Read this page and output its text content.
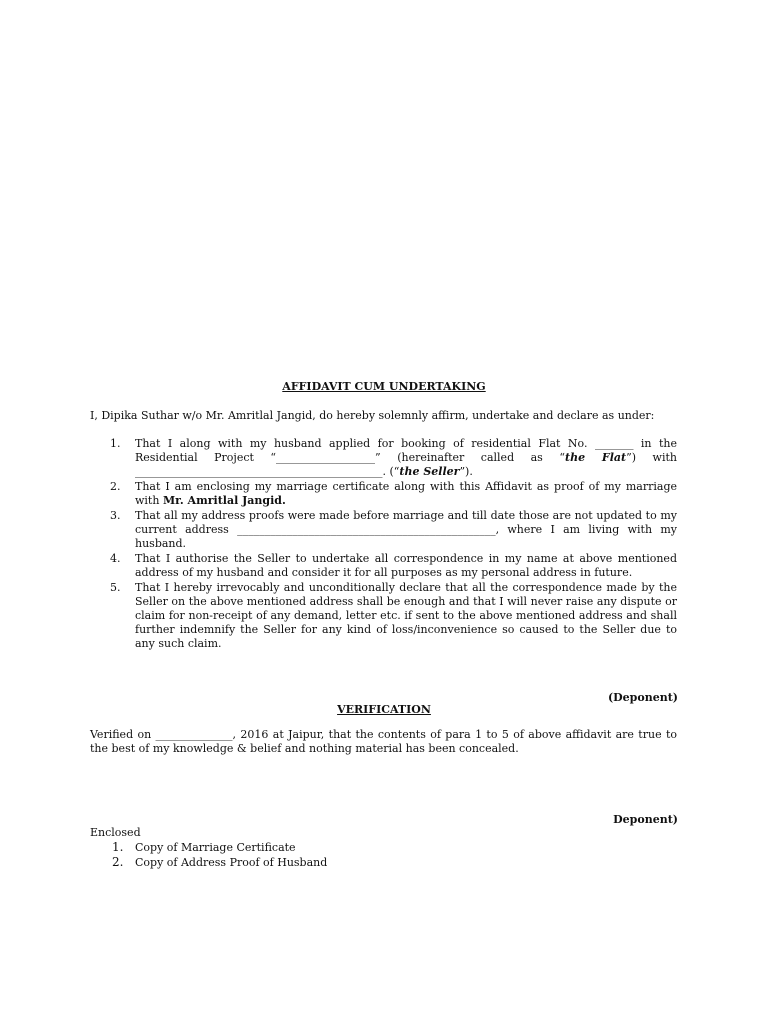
AFFIDAVIT CUM UNDERTAKING
I, Dipika Suthar w/o Mr. Amritlal Jangid, do hereby solemnly affirm, undertake and declare as under:
1. That I along with my husband applied for booking of residential Flat No. _______ in the Residential Project “__________________” (hereinafter called as “the Flat”) with _____________________________________________. (“the Seller”).
2. That I am enclosing my marriage certificate along with this Affidavit as proof of my marriage with Mr. Amritlal Jangid.
3. That all my address proofs were made before marriage and till date those are not updated to my current address _______________________________________________, where I am living with my husband.
4. That I authorise the Seller to undertake all correspondence in my name at above mentioned address of my husband and consider it for all purposes as my personal address in future.
5. That I hereby irrevocably and unconditionally declare that all the correspondence made by the Seller on the above mentioned address shall be enough and that I will never raise any dispute or claim for non-receipt of any demand, letter etc. if sent to the above mentioned address and shall further indemnify the Seller for any kind of loss/inconvenience so caused to the Seller due to any such claim.
(Deponent)
VERIFICATION
Verified on ______________, 2016 at Jaipur, that the contents of para 1 to 5 of above affidavit are true to the best of my knowledge & belief and nothing material has been concealed.
Deponent)
Enclosed
1. Copy of Marriage Certificate
2. Copy of Address Proof of Husband
